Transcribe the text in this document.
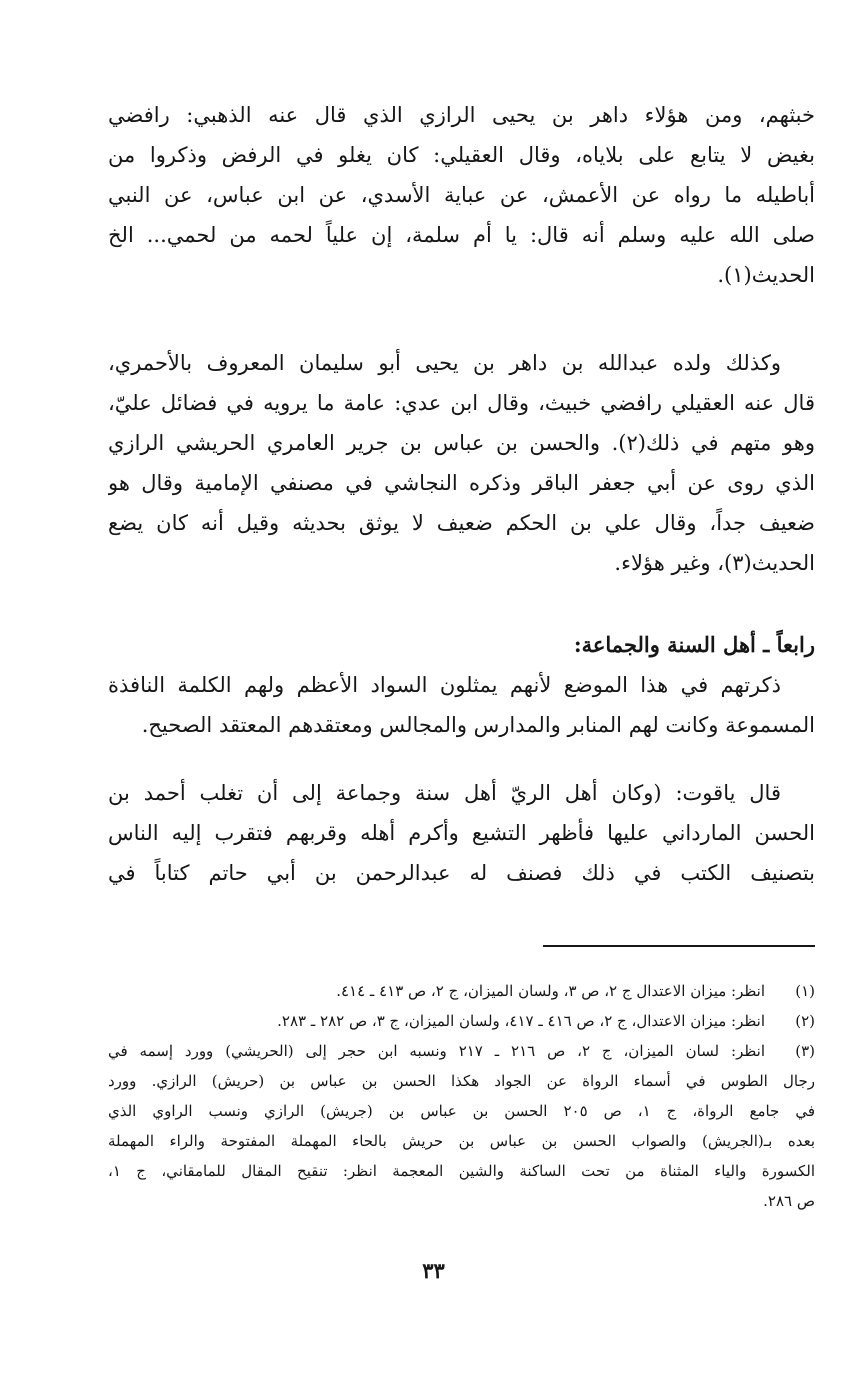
خبثهم، ومن هؤلاء داهر بن يحيى الرازي الذي قال عنه الذهبي: رافضي
بغيض لا يتابع على بلاياه، وقال العقيلي: كان يغلو في الرفض وذكروا من
أباطيله ما رواه عن الأعمش، عن عباية الأسدي، عن ابن عباس، عن النبي
صلى الله عليه وسلم أنه قال: يا أم سلمة، إن علياً لحمه من لحمي... الخ
الحديث(١).
وكذلك ولده عبدالله بن داهر بن يحيى أبو سليمان المعروف بالأحمري،
قال عنه العقيلي رافضي خبيث، وقال ابن عدي: عامة ما يرويه في فضائل عليّ،
وهو متهم في ذلك(٢). والحسن بن عباس بن جرير العامري الحريشي الرازي
الذي روى عن أبي جعفر الباقر وذكره النجاشي في مصنفي الإمامية وقال هو
ضعيف جداً، وقال علي بن الحكم ضعيف لا يوثق بحديثه وقيل أنه كان يضع
الحديث(٣)، وغير هؤلاء.
رابعاً ـ أهل السنة والجماعة:
ذكرتهم في هذا الموضع لأنهم يمثلون السواد الأعظم ولهم الكلمة النافذة
المسموعة وكانت لهم المنابر والمدارس والمجالس ومعتقدهم المعتقد الصحيح.
قال ياقوت: (وكان أهل الريّ أهل سنة وجماعة إلى أن تغلب أحمد بن
الحسن المارداني عليها فأظهر التشيع وأكرم أهله وقربهم فتقرب إليه الناس
بتصنيف الكتب في ذلك فصنف له عبدالرحمن بن أبي حاتم كتاباً في
(١)
انظر: ميزان الاعتدال ج ٢، ص ٣، ولسان الميزان، ج ٢، ص ٤١٣ ـ ٤١٤.
(٢)
انظر: ميزان الاعتدال، ج ٢، ص ٤١٦ ـ ٤١٧، ولسان الميزان، ج ٣، ص ٢٨٢ ـ ٢٨٣.
(٣)
انظر: لسان الميزان، ج ٢، ص ٢١٦ ـ ٢١٧ ونسبه ابن حجر إلى (الحريشي) وورد إسمه في
رجال الطوس في أسماء الرواة عن الجواد هكذا الحسن بن عباس بن (حريش) الرازي. وورد
في جامع الرواة، ج ١، ص ٢٠٥ الحسن بن عباس بن (جريش) الرازي ونسب الراوي الذي
بعده بـ(الجريش) والصواب الحسن بن عباس بن حريش بالحاء المهملة المفتوحة والراء المهملة
الكسورة والياء المثناة من تحت الساكنة والشين المعجمة انظر: تنقيح المقال للمامقاني، ج ١،
ص ٢٨٦.
٣٣
